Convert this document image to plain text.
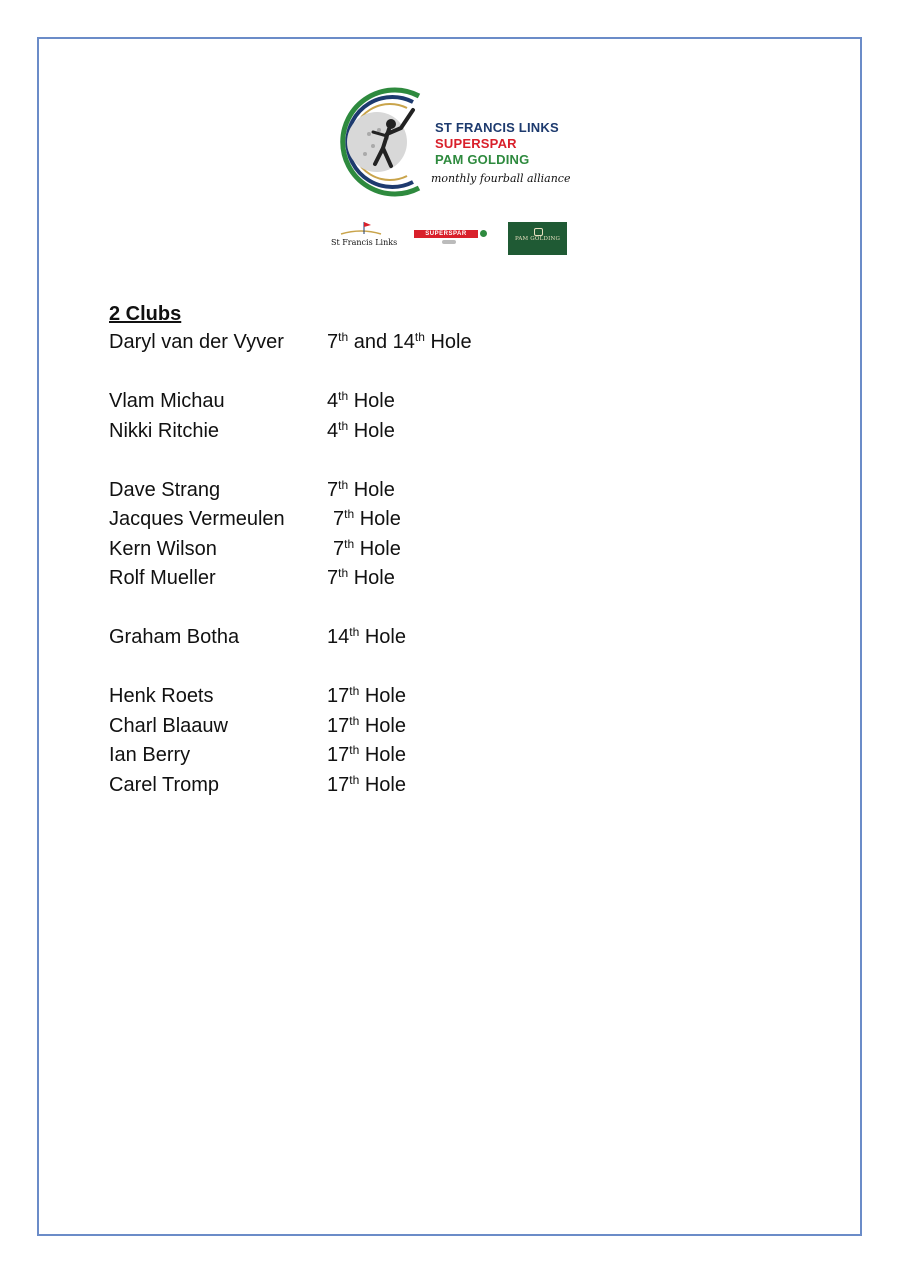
ST FRANCIS LINKS
SUPERSPAR
PAM GOLDING
monthly fourball alliance
St Francis Links
SUPERSPAR
PAM GOLDING
2 Clubs
Daryl van der Vyver 7th and 14th Hole
Vlam Michau	4th Hole
Nikki Ritchie	4th Hole
Dave Strang	7th Hole
Jacques Vermeulen 7th Hole
Kern Wilson	7th Hole
Rolf Mueller	7th Hole
Graham Botha	14th Hole
Henk Roets	17th Hole
Charl Blaauw	17th Hole
Ian Berry	17th Hole
Carel Tromp	17th Hole
